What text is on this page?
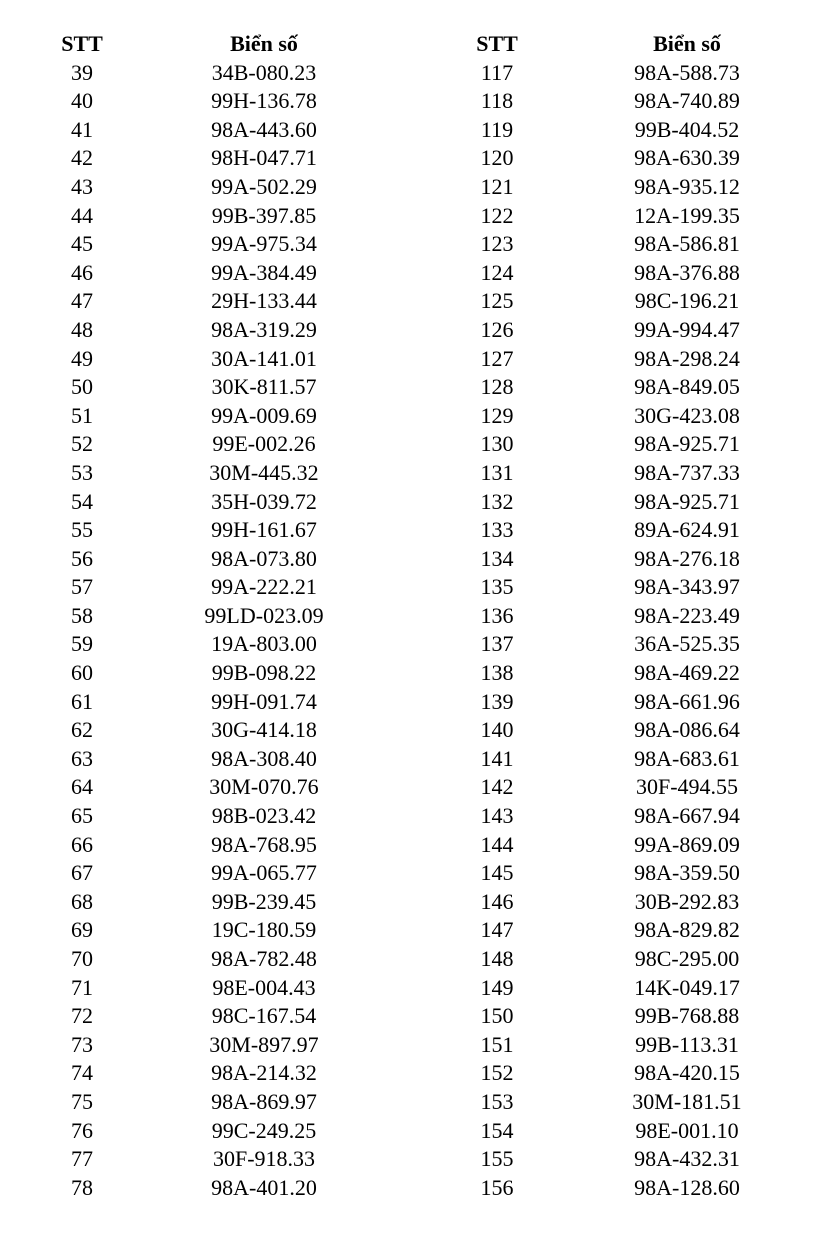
STT	Biển số	STT	Biển số
39	34B-080.23	117	98A-588.73
40	99H-136.78	118	98A-740.89
41	98A-443.60	119	99B-404.52
42	98H-047.71	120	98A-630.39
43	99A-502.29	121	98A-935.12
44	99B-397.85	122	12A-199.35
45	99A-975.34	123	98A-586.81
46	99A-384.49	124	98A-376.88
47	29H-133.44	125	98C-196.21
48	98A-319.29	126	99A-994.47
49	30A-141.01	127	98A-298.24
50	30K-811.57	128	98A-849.05
51	99A-009.69	129	30G-423.08
52	99E-002.26	130	98A-925.71
53	30M-445.32	131	98A-737.33
54	35H-039.72	132	98A-925.71
55	99H-161.67	133	89A-624.91
56	98A-073.80	134	98A-276.18
57	99A-222.21	135	98A-343.97
58	99LD-023.09	136	98A-223.49
59	19A-803.00	137	36A-525.35
60	99B-098.22	138	98A-469.22
61	99H-091.74	139	98A-661.96
62	30G-414.18	140	98A-086.64
63	98A-308.40	141	98A-683.61
64	30M-070.76	142	30F-494.55
65	98B-023.42	143	98A-667.94
66	98A-768.95	144	99A-869.09
67	99A-065.77	145	98A-359.50
68	99B-239.45	146	30B-292.83
69	19C-180.59	147	98A-829.82
70	98A-782.48	148	98C-295.00
71	98E-004.43	149	14K-049.17
72	98C-167.54	150	99B-768.88
73	30M-897.97	151	99B-113.31
74	98A-214.32	152	98A-420.15
75	98A-869.97	153	30M-181.51
76	99C-249.25	154	98E-001.10
77	30F-918.33	155	98A-432.31
78	98A-401.20	156	98A-128.60
